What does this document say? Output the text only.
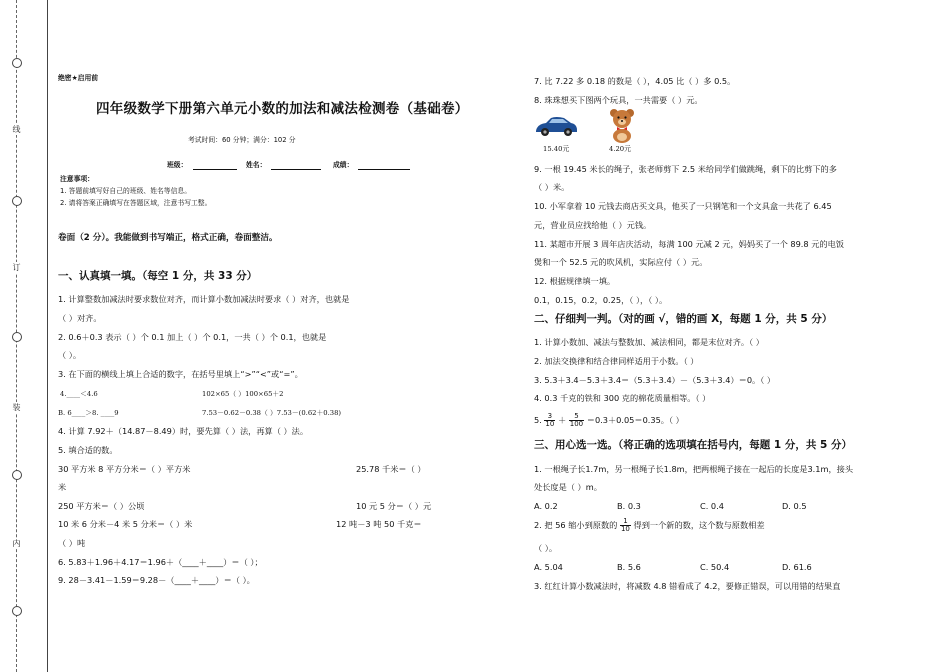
线
订
装
内
绝密★启用前
四年级数学下册第六单元小数的加法和减法检测卷（基础卷）
考试时间：60 分钟；满分：102 分
班级：	姓名：	成绩：
注意事项：
1. 答题前填写好自己的班级、姓名等信息。
2. 请将答案正确填写在答题区域，注意书写工整。
卷面（2 分）。我能做到书写端正，格式正确，卷面整洁。
一、认真填一填。（每空 1 分，共 33 分）
1. 计算整数加减法时要求数位对齐，而计算小数加减法时要求（ ）对齐，也就是
（ ）对齐。
2. 0.6＋0.3 表示（ ）个 0.1 加上（ ）个 0.1，一共（ ）个 0.1，也就是
（ ）。
3. 在下面的横线上填上合适的数字，在括号里填上“>”“<”或“=”。
4.____＜4.6	102×65（ ）100×65＋2
B. 6____＞8. ____9	7.53－0.62－0.38（ ）7.53－(0.62＋0.38)
4. 计算 7.92＋（14.87－8.49）时，要先算（ ）法，再算（ ）法。
5. 填合适的数。
30 平方米 8 平方分米＝（ ）平方米	25.78 千米＝（ ）
米
250 平方米＝（ ）公顷	10 元 5 分＝（ ）元
10 米 6 分米－4 米 5 分米＝（ ）米	12 吨－3 吨 50 千克＝
（ ）吨
6. 5.83＋1.96＋4.17＝1.96＋（____＋____）＝（ ）；
9. 28－3.41－1.59＝9.28－（____＋____）＝（ ）。
7. 比 7.22 多 0.18 的数是（ ），4.05 比（ ）多 0.5。
8. 珠珠想买下图两个玩具，一共需要（ ）元。
15.40元	4.20元
9. 一根 19.45 米长的绳子，张老师剪下 2.5 米给同学们做跳绳，剩下的比剪下的多
（ ）米。
10. 小军拿着 10 元钱去商店买文具，他买了一只钢笔和一个文具盒一共花了 6.45
元，营业员应找给他（ ）元钱。
11. 某超市开展 3 周年店庆活动，每满 100 元减 2 元，妈妈买了一个 89.8 元的电饭
煲和一个 52.5 元的吹风机，实际应付（ ）元。
12. 根据规律填一填。
0.1，0.15，0.2，0.25，（ ），（ ）。
二、仔细判一判。（对的画 √，错的画 X，每题 1 分，共 5 分）
1. 计算小数加、减法与整数加、减法相同，都是末位对齐。（ ）
2. 加法交换律和结合律同样适用于小数。（ ）
3. 5.3＋3.4－5.3＋3.4＝（5.3＋3.4）－（5.3＋3.4）＝0。（ ）
4. 0.3 千克的铁和 300 克的棉花质量相等。（ ）
5. $\frac{3}{10} + \frac{5}{100} =0.3+0.05=0.35$。（ ）
三、用心选一选。（将正确的选项填在括号内，每题 1 分，共 5 分）
1. 一根绳子长1.7m，另一根绳子长1.8m，把两根绳子接在一起后的长度是3.1m，接头
处长度是（ ）m。
A. 0.2	B. 0.3	C. 0.4	D. 0.5
2. 把 56 缩小到原数的 $\frac{1}{10}$ 得到一个新的数，这个数与原数相差
（ ）。
A. 5.04	B. 5.6	C. 50.4	D. 61.6
3. 红红计算小数减法时，将减数 4.8 错看成了 4.2，要修正错误，可以用错的结果直
